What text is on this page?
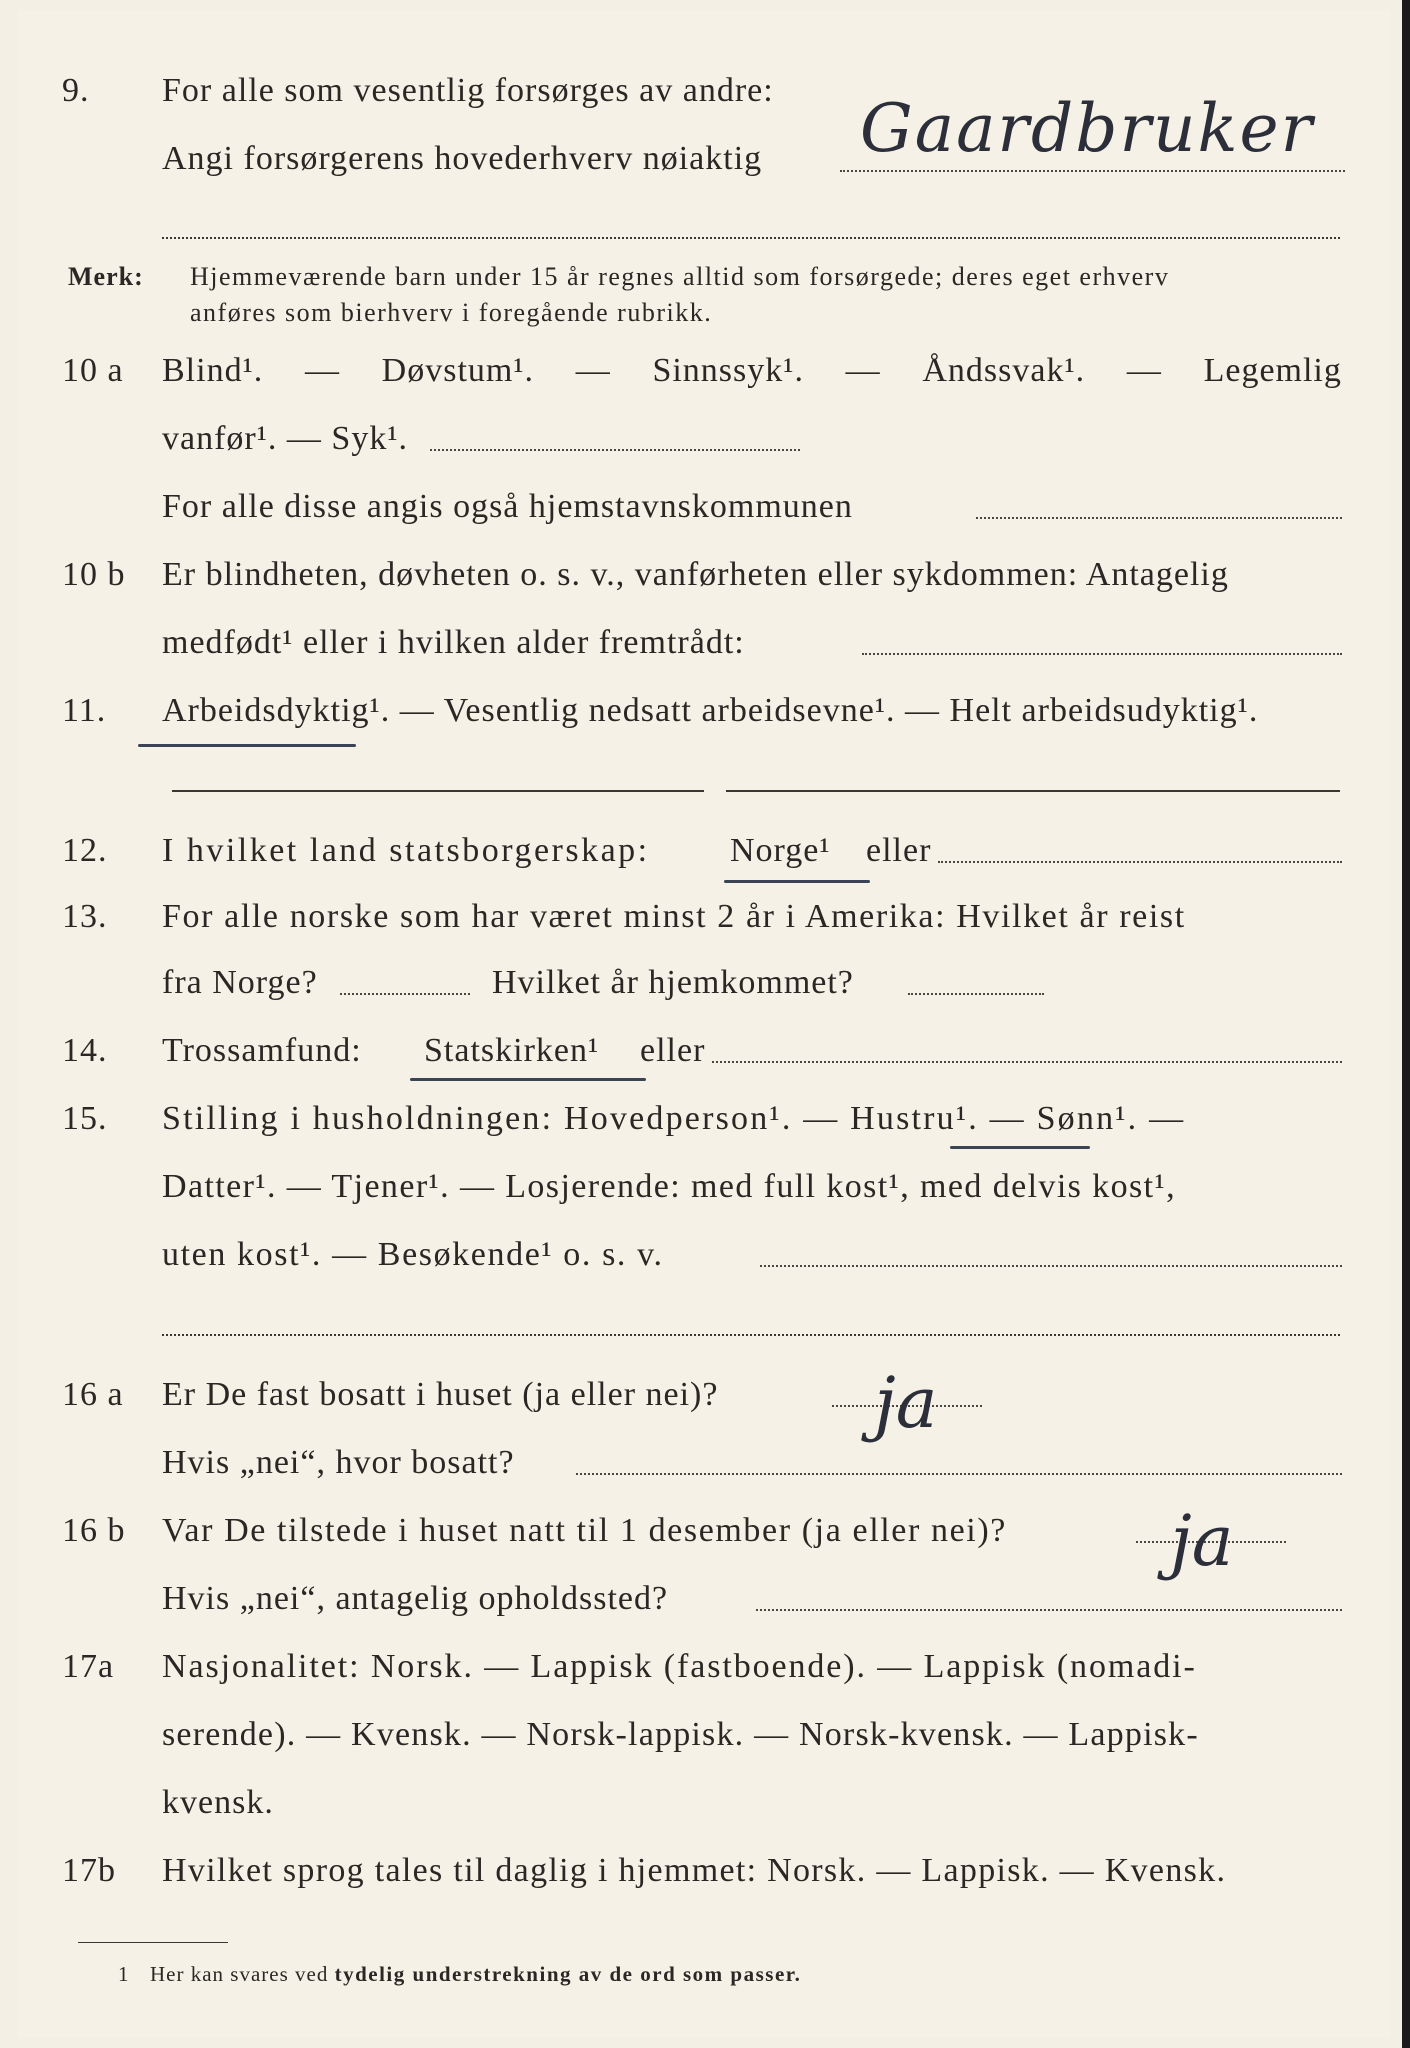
9.	For alle som vesentlig forsørges av andre:
Angi forsørgerens hovederhverv nøiaktig Gaardbruker
Merk: Hjemmeværende barn under 15 år regnes alltid som forsørgede; deres eget erhverv
anføres som bierhverv i foregående rubrikk.
10 a	Blind¹. — Døvstum¹. — Sinnssyk¹. — Åndssvak¹. — Legemlig
vanfør¹. — Syk¹.
For alle disse angis også hjemstavnskommunen
10 b	Er blindheten, døvheten o. s. v., vanførheten eller sykdommen: Antagelig
medfødt¹ eller i hvilken alder fremtrådt:
11.	Arbeidsdyktig¹. — Vesentlig nedsatt arbeidsevne¹. — Helt arbeidsudyktig¹.
12.	I hvilket land statsborgerskap: Norge¹ eller
13.	For alle norske som har været minst 2 år i Amerika: Hvilket år reist
fra Norge?	Hvilket år hjemkommet?
14.	Trossamfund: Statskirken¹ eller
15.	Stilling i husholdningen: Hovedperson¹. — Hustru¹. — Sønn¹. —
Datter¹. — Tjener¹. — Losjerende: med full kost¹, med delvis kost¹,
uten kost¹. — Besøkende¹ o. s. v.
16 a	Er De fast bosatt i huset (ja eller nei)? ja
Hvis „nei“, hvor bosatt?
16 b	Var De tilstede i huset natt til 1 desember (ja eller nei)? ja
Hvis „nei“, antagelig opholdssted?
17a	Nasjonalitet: Norsk. — Lappisk (fastboende). — Lappisk (nomadi-
serende). — Kvensk. — Norsk-lappisk. — Norsk-kvensk. — Lappisk-
kvensk.
17b	Hvilket sprog tales til daglig i hjemmet: Norsk. — Lappisk. — Kvensk.
1 Her kan svares ved tydelig understrekning av de ord som passer.
